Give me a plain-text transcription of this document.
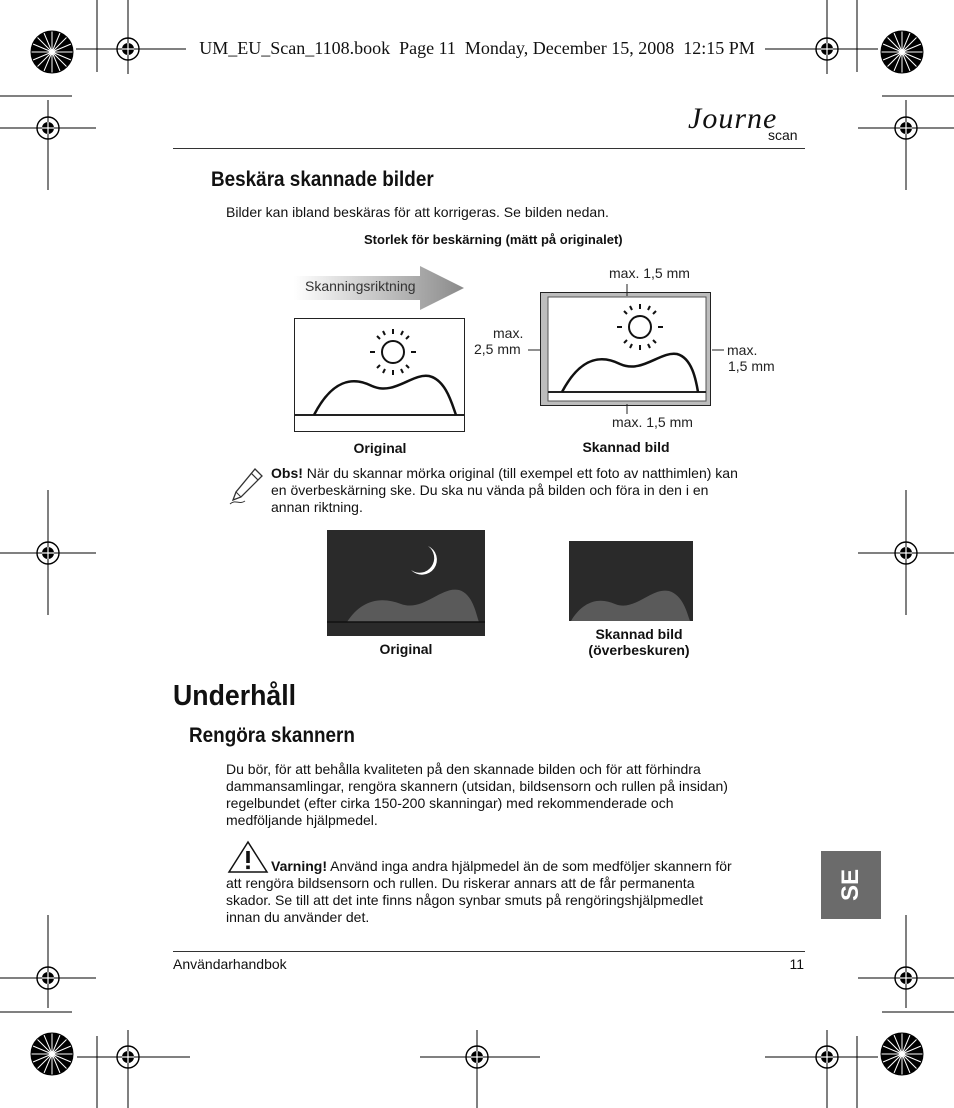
UM_EU_Scan_1108.book Page 11 Monday, December 15, 2008 12:15 PM
Journe
scan
Beskära skannade bilder
Bilder kan ibland beskäras för att korrigeras. Se bilden nedan.
Storlek för beskärning (mätt på originalet)
Skanningsriktning
Original
max. 1,5 mm
max.
2,5 mm	max.
1,5 mm
max. 1,5 mm
Skannad bild
Obs! När du skannar mörka original (till exempel ett foto av natthimlen) kan
en överbeskärning ske. Du ska nu vända på bilden och föra in den i en
annan riktning.
Original
Skannad bild
(överbeskuren)
Underhåll
Rengöra skannern
Du bör, för att behålla kvaliteten på den skannade bilden och för att förhindra
dammansamlingar, rengöra skannern (utsidan, bildsensorn och rullen på insidan)
regelbundet (efter cirka 150-200 skanningar) med rekommenderade och
medföljande hjälpmedel.
Varning! Använd inga andra hjälpmedel än de som medföljer skannern för
att rengöra bildsensorn och rullen. Du riskerar annars att de får permanenta
skador. Se till att det inte finns någon synbar smuts på rengöringshjälpmedlet
innan du använder det.
SE
Användarhandbok	11
